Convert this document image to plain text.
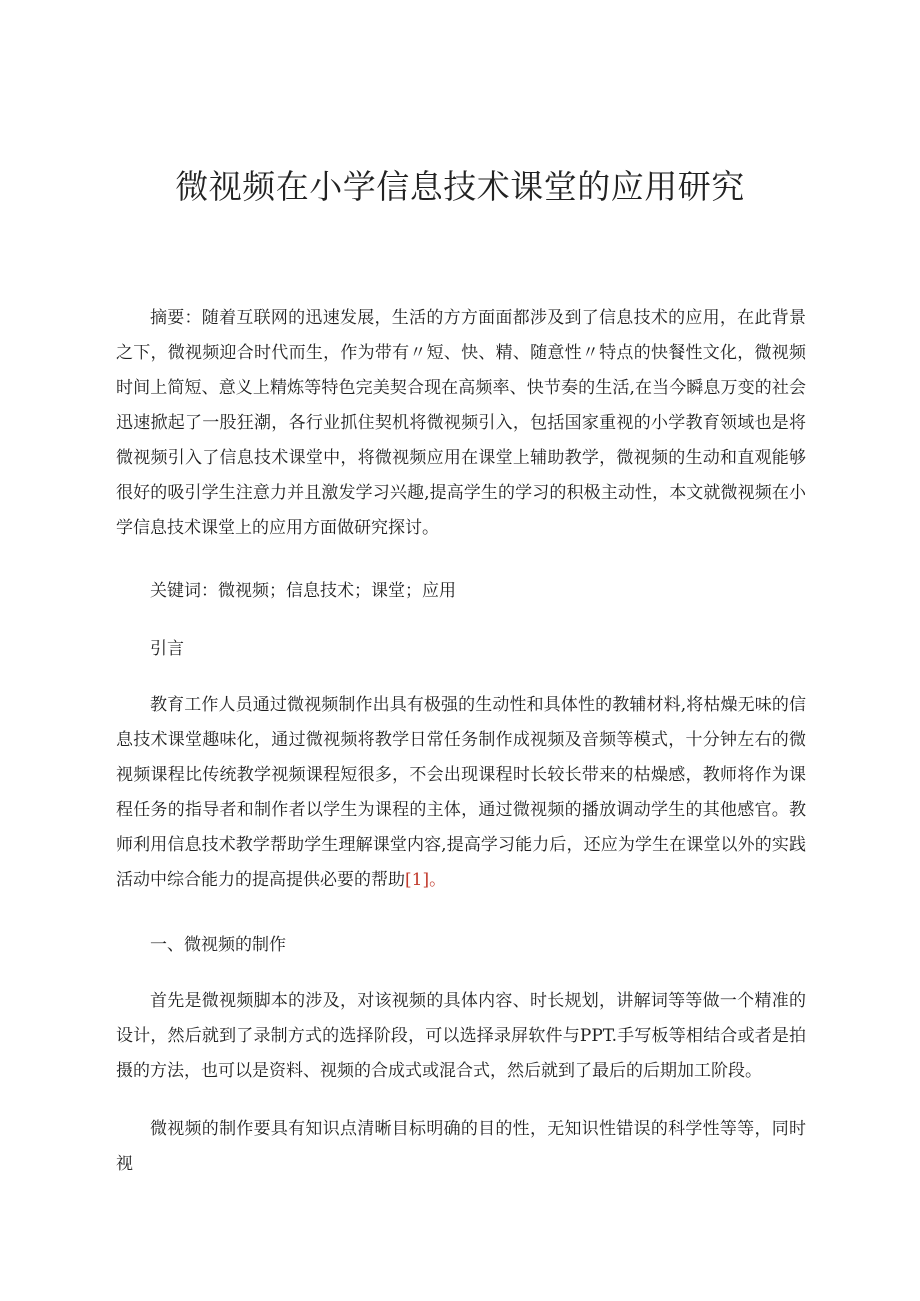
微视频在小学信息技术课堂的应用研究

摘要：随着互联网的迅速发展，生活的方方面面都涉及到了信息技术的应用，在此背景之下，微视频迎合时代而生，作为带有〃短、快、精、随意性〃特点的快餐性文化，微视频时间上简短、意义上精炼等特色完美契合现在高频率、快节奏的生活,在当今瞬息万变的社会迅速掀起了一股狂潮，各行业抓住契机将微视频引入，包括国家重视的小学教育领域也是将微视频引入了信息技术课堂中，将微视频应用在课堂上辅助教学，微视频的生动和直观能够很好的吸引学生注意力并且激发学习兴趣,提高学生的学习的积极主动性，本文就微视频在小学信息技术课堂上的应用方面做研究探讨。

关键词：微视频；信息技术；课堂；应用

引言

教育工作人员通过微视频制作出具有极强的生动性和具体性的教辅材料,将枯燥无味的信息技术课堂趣味化，通过微视频将教学日常任务制作成视频及音频等模式，十分钟左右的微视频课程比传统教学视频课程短很多，不会出现课程时长较长带来的枯燥感，教师将作为课程任务的指导者和制作者以学生为课程的主体，通过微视频的播放调动学生的其他感官。教师利用信息技术教学帮助学生理解课堂内容,提高学习能力后，还应为学生在课堂以外的实践活动中综合能力的提高提供必要的帮助[1]。

一、微视频的制作

首先是微视频脚本的涉及，对该视频的具体内容、时长规划，讲解词等等做一个精准的设计，然后就到了录制方式的选择阶段，可以选择录屏软件与PPT.手写板等相结合或者是拍摄的方法，也可以是资料、视频的合成式或混合式，然后就到了最后的后期加工阶段。

微视频的制作要具有知识点清晰目标明确的目的性，无知识性错误的科学性等等，同时视
